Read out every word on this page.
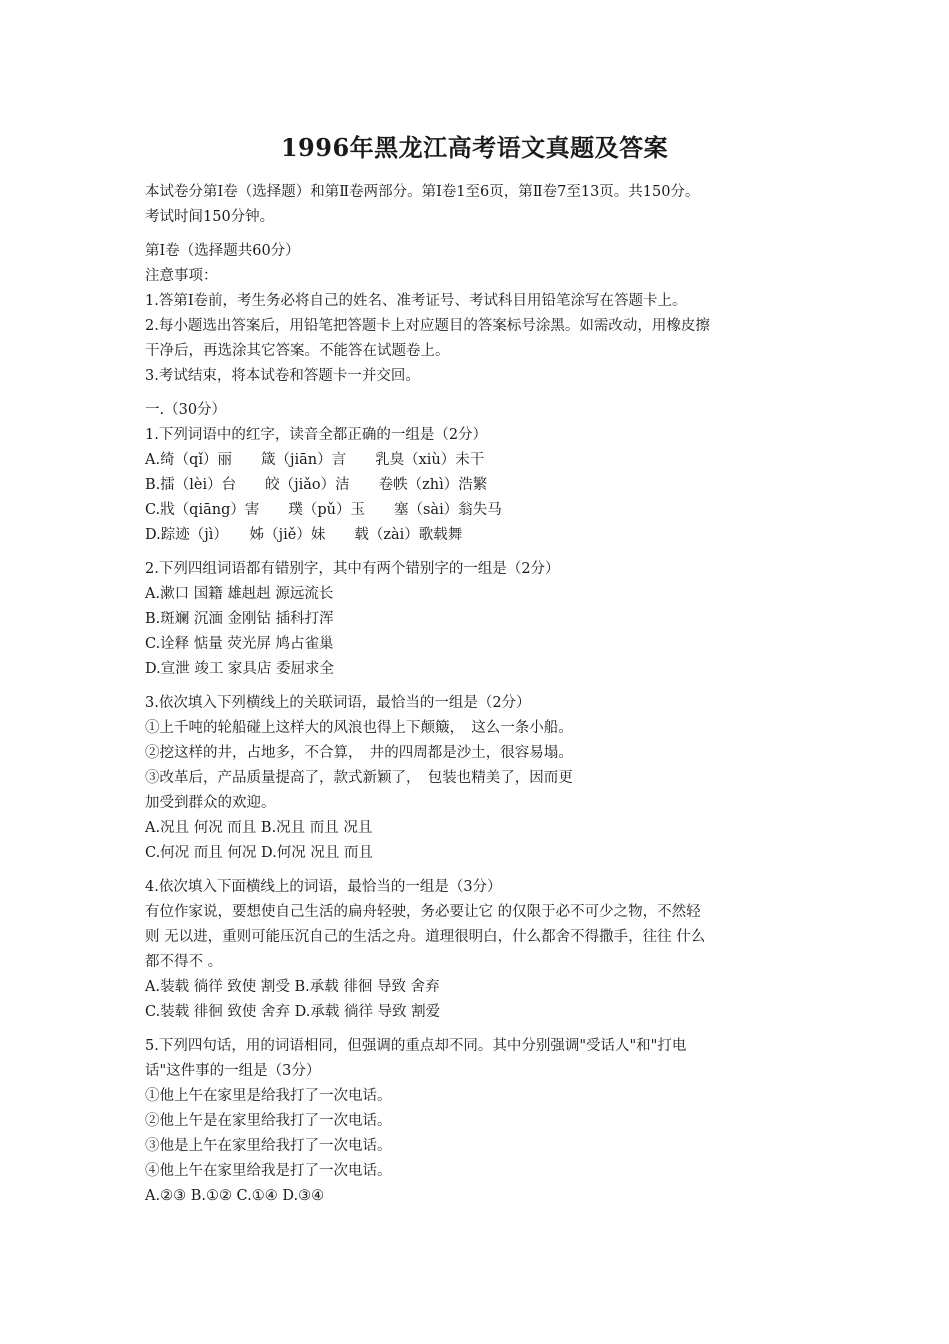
1996年黑龙江高考语文真题及答案
本试卷分第Ⅰ卷（选择题）和第Ⅱ卷两部分。第Ⅰ卷1至6页，第Ⅱ卷7至13页。共150分。
考试时间150分钟。
第Ⅰ卷（选择题共60分）
注意事项：
1.答第Ⅰ卷前，考生务必将自己的姓名、准考证号、考试科目用铅笔涂写在答题卡上。
2.每小题选出答案后，用铅笔把答题卡上对应题目的答案标号涂黑。如需改动，用橡皮擦
干净后，再选涂其它答案。不能答在试题卷上。
3.考试结束，将本试卷和答题卡一并交回。
一.（30分）
1.下列词语中的红字，读音全都正确的一组是（2分）
A.绮（qǐ）丽　　箴（jiān）言　　乳臭（xiù）未干
B.擂（lèi）台　　皎（jiǎo）洁　　卷帙（zhì）浩繁
C.戕（qiāng）害　　璞（pǔ）玉　　塞（sài）翁失马
D.踪迹（jì）　　姊（jiě）妹　　载（zài）歌载舞
2.下列四组词语都有错别字，其中有两个错别字的一组是（2分）
A.漱口 国籍 雄赳赳 源远流长
B.斑斓 沉湎 金刚钻 插科打浑
C.诠释 惦量 荧光屏 鸠占雀巢
D.宣泄 竣工 家具店 委屈求全
3.依次填入下列横线上的关联词语，最恰当的一组是（2分）
①上千吨的轮船碰上这样大的风浪也得上下颠簸，　这么一条小船。
②挖这样的井，占地多，不合算，　井的四周都是沙土，很容易塌。
③改革后，产品质量提高了，款式新颖了，　包装也精美了，因而更
加受到群众的欢迎。
A.况且 何况 而且 B.况且 而且 况且
C.何况 而且 何况 D.何况 况且 而且
4.依次填入下面横线上的词语，最恰当的一组是（3分）
有位作家说，要想使自己生活的扁舟轻驶，务必要让它 的仅限于必不可少之物，不然轻
则 无以进，重则可能压沉自己的生活之舟。道理很明白，什么都舍不得撒手，往往 什么
都不得不 。
A.装载 徜徉 致使 割受 B.承载 徘徊 导致 舍弃
C.装载 徘徊 致使 舍弃 D.承载 徜徉 导致 割爱
5.下列四句话，用的词语相同，但强调的重点却不同。其中分别强调"受话人"和"打电
话"这件事的一组是（3分）
①他上午在家里是给我打了一次电话。
②他上午是在家里给我打了一次电话。
③他是上午在家里给我打了一次电话。
④他上午在家里给我是打了一次电话。
A.②③ B.①② C.①④ D.③④
